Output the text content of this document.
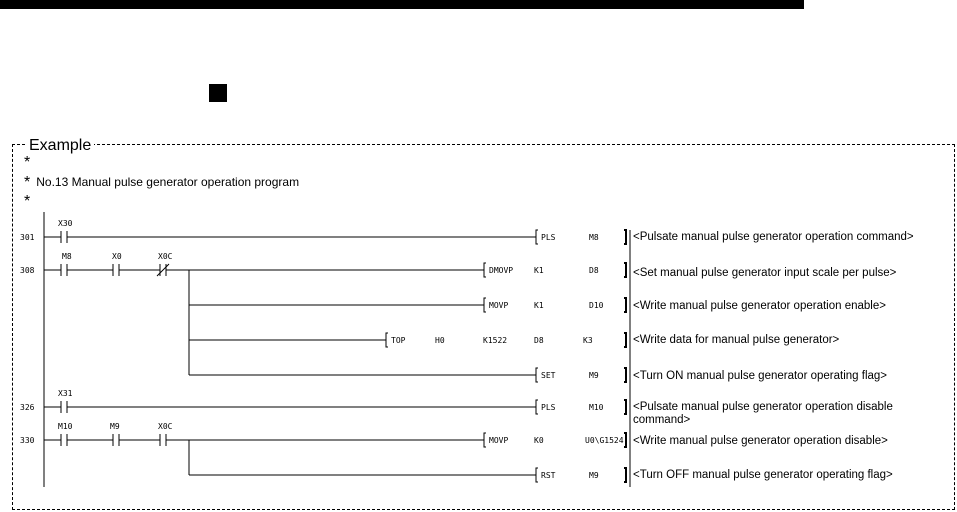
Example
*
* No.13 Manual pulse generator operation program
*
301
308
326
330
X30
PLS	M8
M8	X0	X0C
DMOVP	K1	D8
MOVP	K1	D10
TOP	H0	K1522	D8	K3
SET	M9
X31
PLS	M10
M10	M9	X0C
MOVP	K0	U0\G1524
RST	M9
<Pulsate manual pulse generator operation command>
<Set manual pulse generator input scale per pulse>
<Write manual pulse generator operation enable>
<Write data for manual pulse generator>
<Turn ON manual pulse generator operating flag>
<Pulsate manual pulse generator operation disable command>
<Write manual pulse generator operation disable>
<Turn OFF manual pulse generator operating flag>
